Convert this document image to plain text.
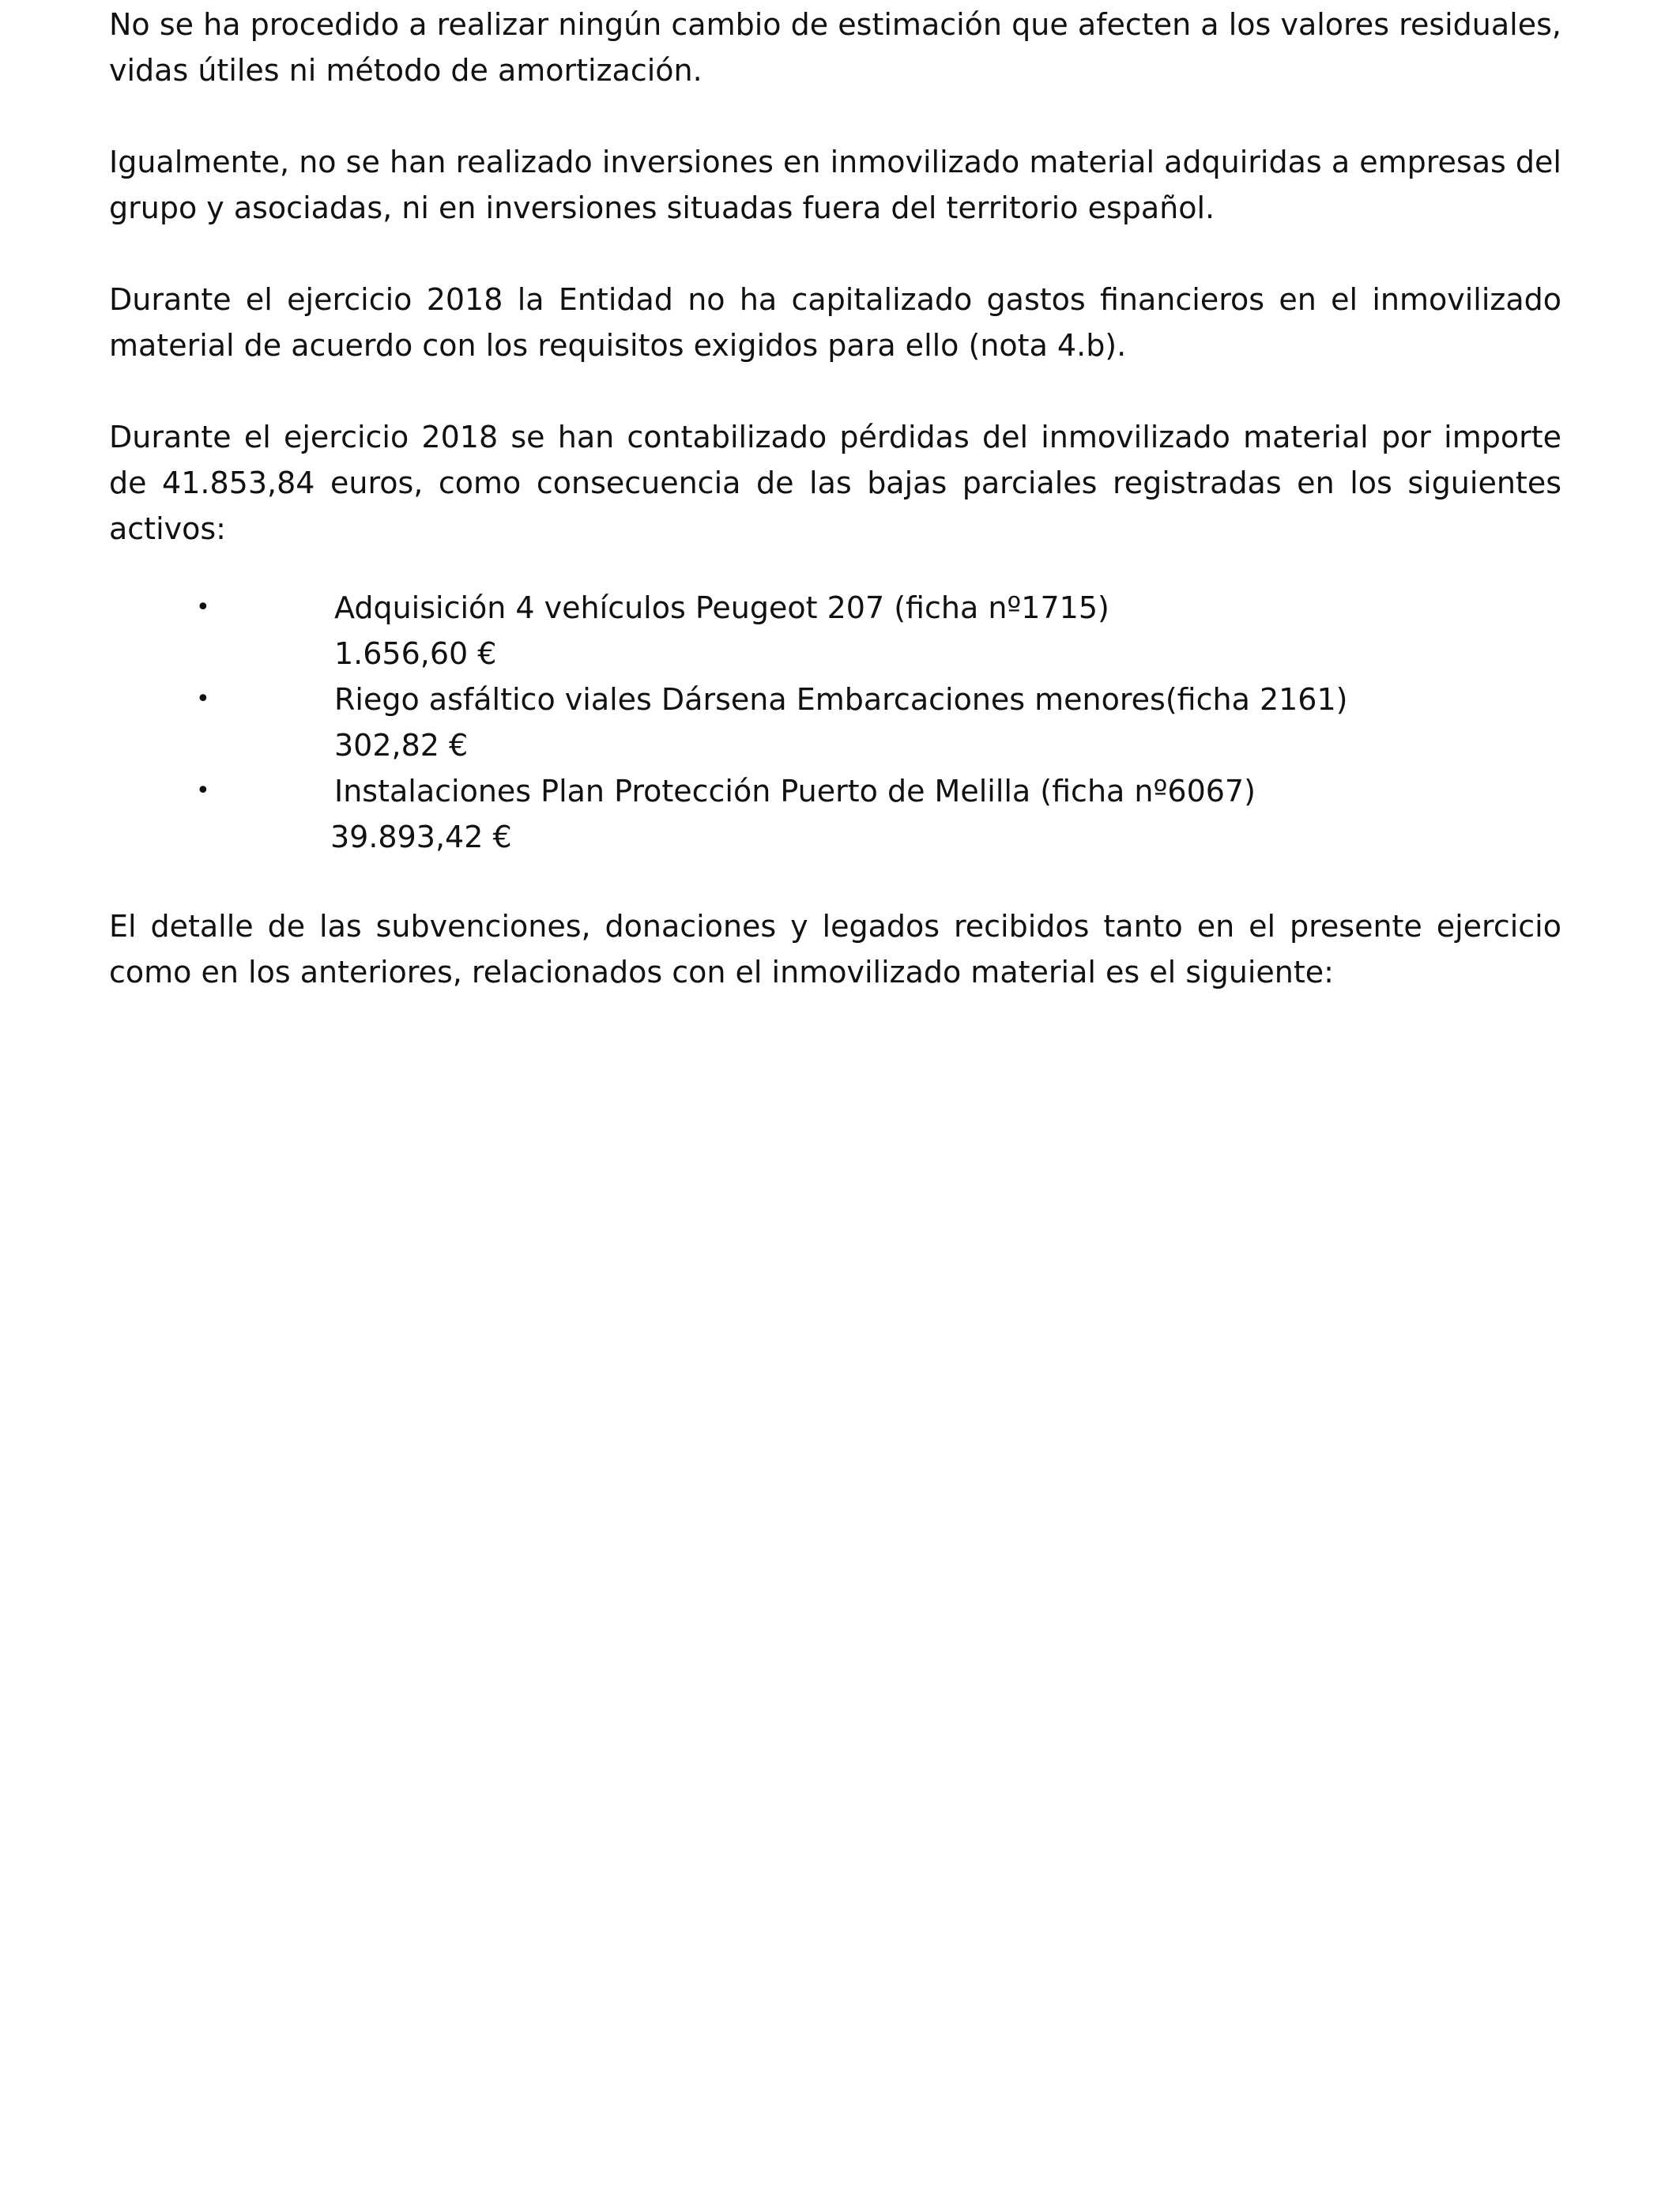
No se ha procedido a realizar ningún cambio de estimación que afecten a los valores residuales, vidas útiles ni método de amortización.

Igualmente, no se han realizado inversiones en inmovilizado material adquiridas a empresas del grupo y asociadas, ni en inversiones situadas fuera del territorio español.

Durante el ejercicio 2018 la Entidad no ha capitalizado gastos financieros en el inmovilizado material de acuerdo con los requisitos exigidos para ello (nota 4.b).

Durante el ejercicio 2018 se han contabilizado pérdidas del inmovilizado material por importe de 41.853,84 euros, como consecuencia de las bajas parciales registradas en los siguientes activos:

•	Adquisición 4 vehículos Peugeot 207 (ficha nº1715)
1.656,60 €
•	Riego asfáltico viales Dársena Embarcaciones menores(ficha 2161)
302,82 €
•	Instalaciones Plan Protección Puerto de Melilla (ficha nº6067)
39.893,42 €

El detalle de las subvenciones, donaciones y legados recibidos tanto en el presente ejercicio como en los anteriores, relacionados con el inmovilizado material es el siguiente:
